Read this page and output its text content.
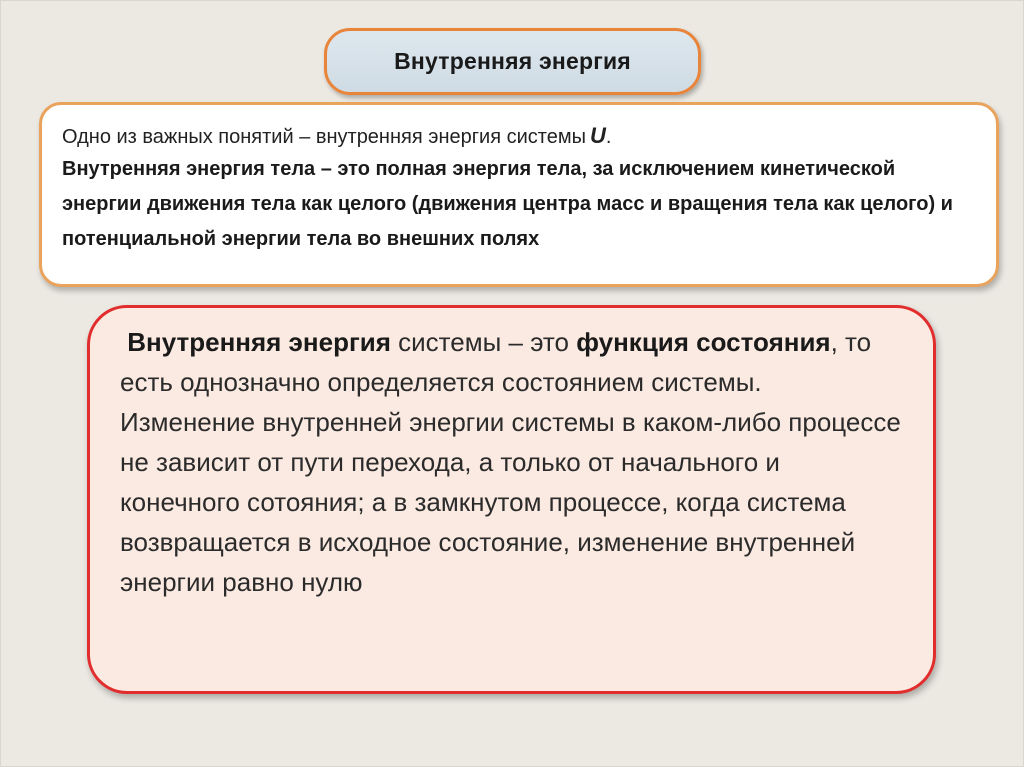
Внутренняя энергия
Одно из важных понятий – внутренняя энергия системы U.
Внутренняя энергия тела – это полная энергия тела, за исключением кинетической энергии движения тела как целого (движения центра масс и вращения тела как целого) и потенциальной энергии тела во внешних полях
Внутренняя энергия системы – это функция состояния, то есть однозначно определяется состоянием системы.
Изменение внутренней энергии системы в каком-либо процессе не зависит от пути перехода, а только от начального и конечного сотояния; а в замкнутом процессе, когда система возвращается в исходное состояние, изменение внутренней энергии равно нулю
